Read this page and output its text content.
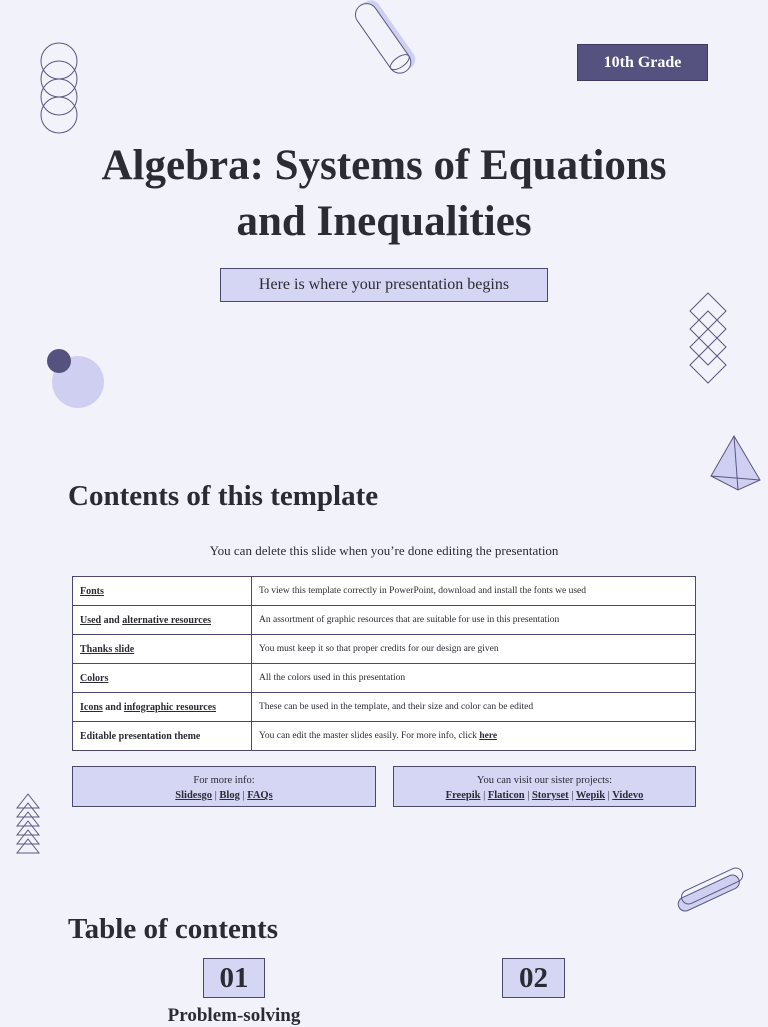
10th Grade
Algebra: Systems of Equations
and Inequalities
Here is where your presentation begins
Contents of this template
You can delete this slide when you’re done editing the presentation
Fonts	To view this template correctly in PowerPoint, download and install the fonts we used
Used and alternative resources	An assortment of graphic resources that are suitable for use in this presentation
Thanks slide	You must keep it so that proper credits for our design are given
Colors	All the colors used in this presentation
Icons and infographic resources	These can be used in the template, and their size and color can be edited
Editable presentation theme	You can edit the master slides easily. For more info, click here
For more info:
Slidesgo | Blog | FAQs
You can visit our sister projects:
Freepik | Flaticon | Storyset | Wepik | Videvo
Table of contents
01
Problem-solving
02
